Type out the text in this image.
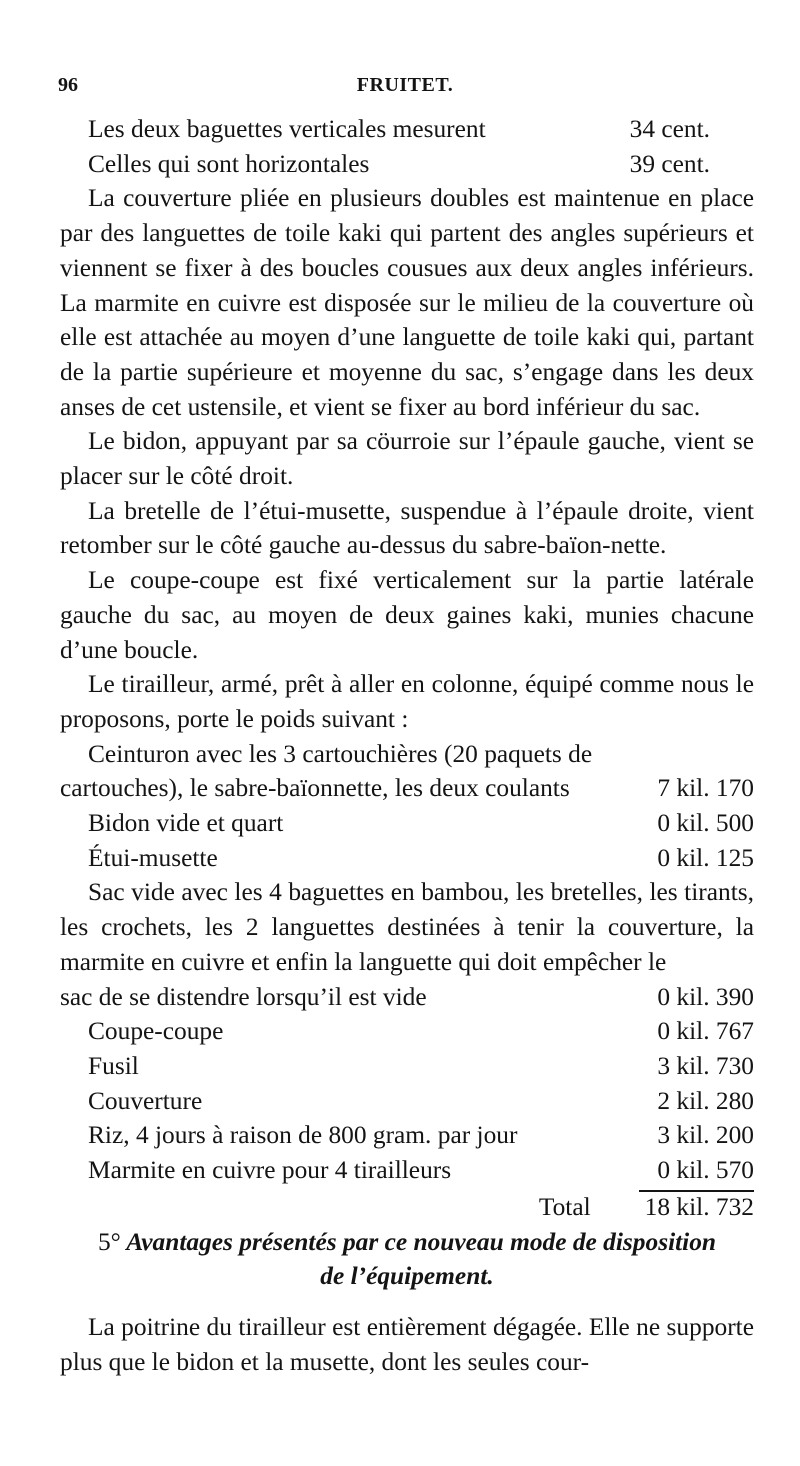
96	FRUITET.
Les deux baguettes verticales mesurent	34 cent.
Celles qui sont horizontales	39 cent.

La couverture pliée en plusieurs doubles est maintenue en place par des languettes de toile kaki qui partent des angles supérieurs et viennent se fixer à des boucles cousues aux deux angles inférieurs. La marmite en cuivre est disposée sur le milieu de la couverture où elle est attachée au moyen d’une languette de toile kaki qui, partant de la partie supérieure et moyenne du sac, s’engage dans les deux anses de cet ustensile, et vient se fixer au bord inférieur du sac.

Le bidon, appuyant par sa cöurroie sur l’épaule gauche, vient se placer sur le côté droit.

La bretelle de l’étui-musette, suspendue à l’épaule droite, vient retomber sur le côté gauche au-dessus du sabre-baïon-nette.

Le coupe-coupe est fixé verticalement sur la partie latérale gauche du sac, au moyen de deux gaines kaki, munies chacune d’une boucle.

Le tirailleur, armé, prêt à aller en colonne, équipé comme nous le proposons, porte le poids suivant :

Ceinturon avec les 3 cartouchières (20 paquets de

cartouches), le sabre-baïonnette, les deux coulants	7 kil. 170
Bidon vide et quart	0 kil. 500
Étui-musette	0 kil. 125

Sac vide avec les 4 baguettes en bambou, les bretelles, les tirants, les crochets, les 2 languettes destinées à tenir la couverture, la marmite en cuivre et enfin la languette qui doit empêcher le

sac de se distendre lorsqu’il est vide	0 kil. 390
Coupe-coupe	0 kil. 767
Fusil	3 kil. 730
Couverture	2 kil. 280
Riz, 4 jours à raison de 800 gram. par jour	3 kil. 200
Marmite en cuivre pour 4 tirailleurs	0 kil. 570
Total 18 kil. 732
5° Avantages présentés par ce nouveau mode de disposition
de l’équipement.

La poitrine du tirailleur est entièrement dégagée. Elle ne supporte plus que le bidon et la musette, dont les seules cour-
